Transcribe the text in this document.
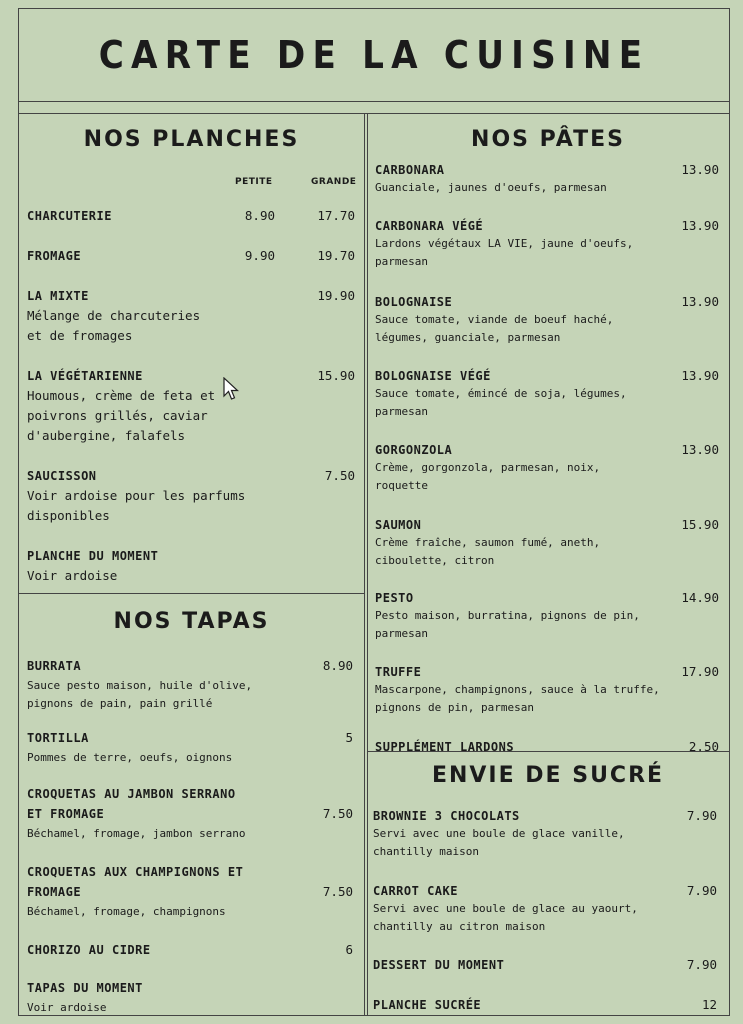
CARTE DE LA CUISINE
NOS PLANCHES
PETITE	GRANDE
CHARCUTERIE	8.90	17.70
FROMAGE	9.90	19.70
LA MIXTE	19.90
Mélange de charcuteries
et de fromages
LA VÉGÉTARIENNE	15.90
Houmous, crème de feta et
poivrons grillés, caviar
d'aubergine, falafels
SAUCISSON	7.50
Voir ardoise pour les parfums
disponibles
PLANCHE DU MOMENT
Voir ardoise
NOS TAPAS
BURRATA	8.90
Sauce pesto maison, huile d'olive,
pignons de pain, pain grillé
TORTILLA	5
Pommes de terre, oeufs, oignons
CROQUETAS AU JAMBON SERRANO
ET FROMAGE	7.50
Béchamel, fromage, jambon serrano
CROQUETAS AUX CHAMPIGNONS ET
FROMAGE	7.50
Béchamel, fromage, champignons
CHORIZO AU CIDRE	6
TAPAS DU MOMENT
Voir ardoise
NOS PÂTES
CARBONARA	13.90
Guanciale, jaunes d'oeufs, parmesan
CARBONARA VÉGÉ	13.90
Lardons végétaux LA VIE, jaune d'oeufs,
parmesan
BOLOGNAISE	13.90
Sauce tomate, viande de boeuf haché,
légumes, guanciale, parmesan
BOLOGNAISE VÉGÉ	13.90
Sauce tomate, émincé de soja, légumes,
parmesan
GORGONZOLA	13.90
Crème, gorgonzola, parmesan, noix,
roquette
SAUMON	15.90
Crème fraîche, saumon fumé, aneth,
ciboulette, citron
PESTO	14.90
Pesto maison, burratina, pignons de pin,
parmesan
TRUFFE	17.90
Mascarpone, champignons, sauce à la truffe,
pignons de pin, parmesan
SUPPLÉMENT LARDONS	2.50
ENVIE DE SUCRÉ
BROWNIE 3 CHOCOLATS	7.90
Servi avec une boule de glace vanille,
chantilly maison
CARROT CAKE	7.90
Servi avec une boule de glace au yaourt,
chantilly au citron maison
DESSERT DU MOMENT	7.90
PLANCHE SUCRÉE	12
